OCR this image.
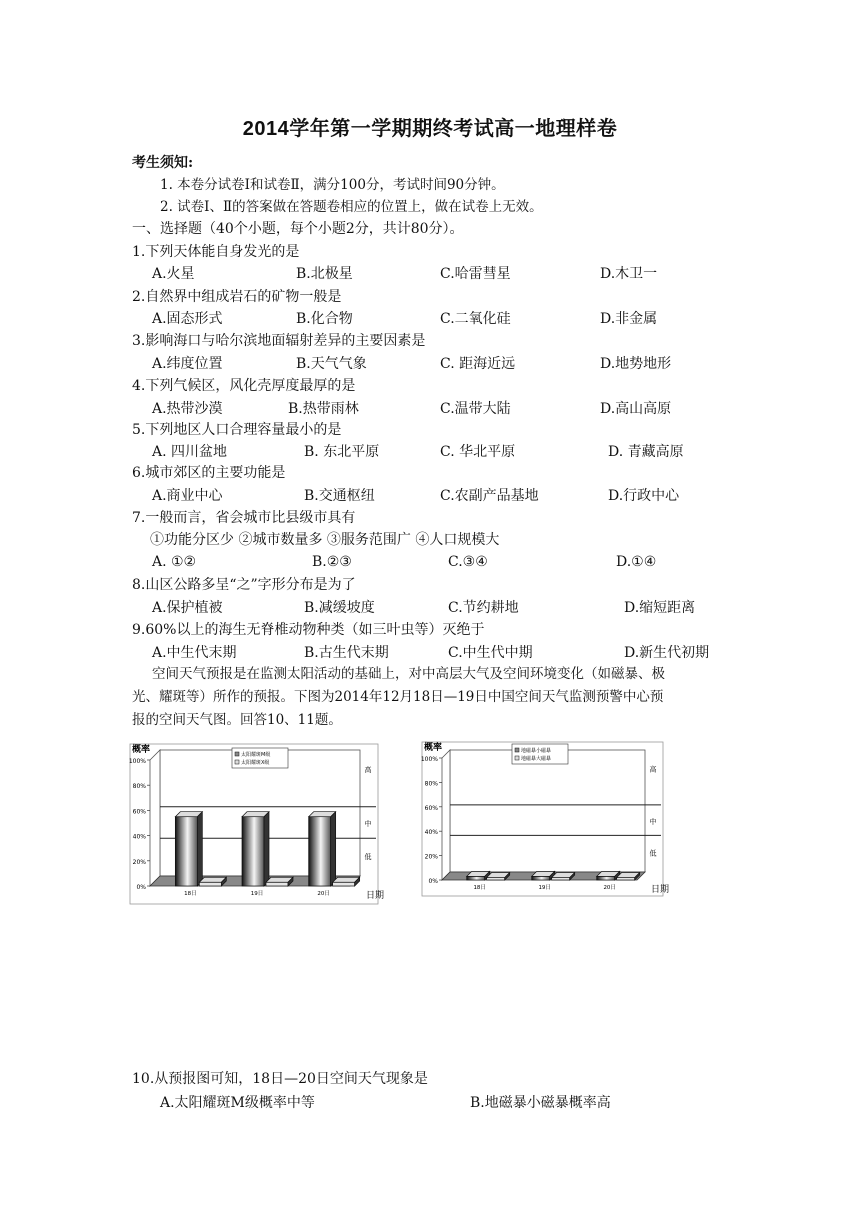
2014学年第一学期期终考试高一地理样卷
考生须知:
1. 本卷分试卷Ⅰ和试卷Ⅱ，满分100分，考试时间90分钟。
2. 试卷Ⅰ、Ⅱ的答案做在答题卷相应的位置上，做在试卷上无效。
一、选择题（40个小题，每个小题2分，共计80分）。
1.下列天体能自身发光的是
A.火星	B.北极星	C.哈雷彗星	D.木卫一
2.自然界中组成岩石的矿物一般是
A.固态形式	B.化合物	C.二氧化硅	D.非金属
3.影响海口与哈尔滨地面辐射差异的主要因素是
A.纬度位置	B.天气气象	C. 距海近远	D.地势地形
4.下列气候区，风化壳厚度最厚的是
A.热带沙漠	B.热带雨林	C.温带大陆	D.高山高原
5.下列地区人口合理容量最小的是
A. 四川盆地	B. 东北平原	C. 华北平原	D. 青藏高原
6.城市郊区的主要功能是
A.商业中心	B.交通枢纽	C.农副产品基地	D.行政中心
7.一般而言，省会城市比县级市具有
①功能分区少 ②城市数量多 ③服务范围广 ④人口规模大
A. ①②	B.②③	C.③④	D.①④
8.山区公路多呈“之”字形分布是为了
A.保护植被	B.减缓坡度	C.节约耕地	D.缩短距离
9.60%以上的海生无脊椎动物种类（如三叶虫等）灭绝于
A.中生代末期	B.古生代末期	C.中生代中期	D.新生代初期
空间天气预报是在监测太阳活动的基础上，对中高层大气及空间环境变化（如磁暴、极
光、耀斑等）所作的预报。下图为2014年12月18日—19日中国空间天气监测预警中心预
报的空间天气图。回答10、11题。
0%
20%
40%
60%
80%
100%
高
中
低
18日	19日	20日
概率
日期
太阳耀斑M级
太阳耀斑X级
0%
20%
40%
60%
80%
100%
高
中
低
18日	19日	20日
概率
日期
地磁暴小磁暴
地磁暴大磁暴
10.从预报图可知，18日—20日空间天气现象是
A.太阳耀斑M级概率中等	B.地磁暴小磁暴概率高
